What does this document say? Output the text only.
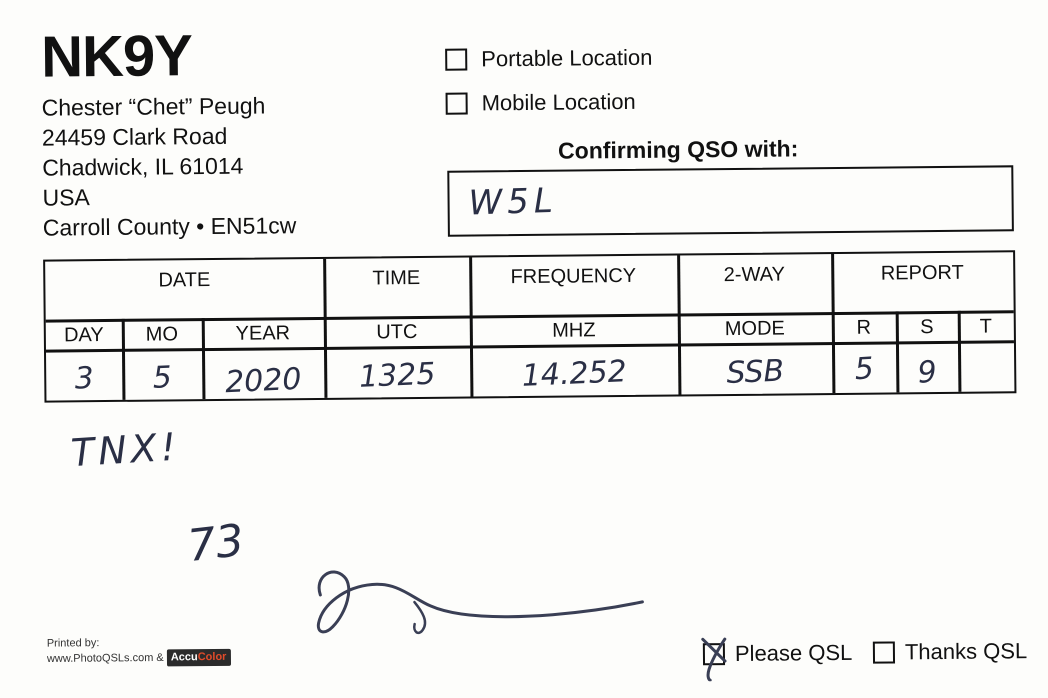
NK9Y
Chester “Chet” Peugh
24459 Clark Road
Chadwick, IL 61014
USA
Carroll County • EN51cw
Portable Location
Mobile Location
Confirming QSO with:
W5L
DATE	TIME	FREQUENCY	2-WAY	REPORT
DAY	MO	YEAR	UTC	MHZ	MODE	R	S	T
3	5	2020	1325	14.252	SSB	5	9
TNX!
73
Printed by:
www.PhotoQSLs.com & AccuColor	Please QSL Thanks QSL
